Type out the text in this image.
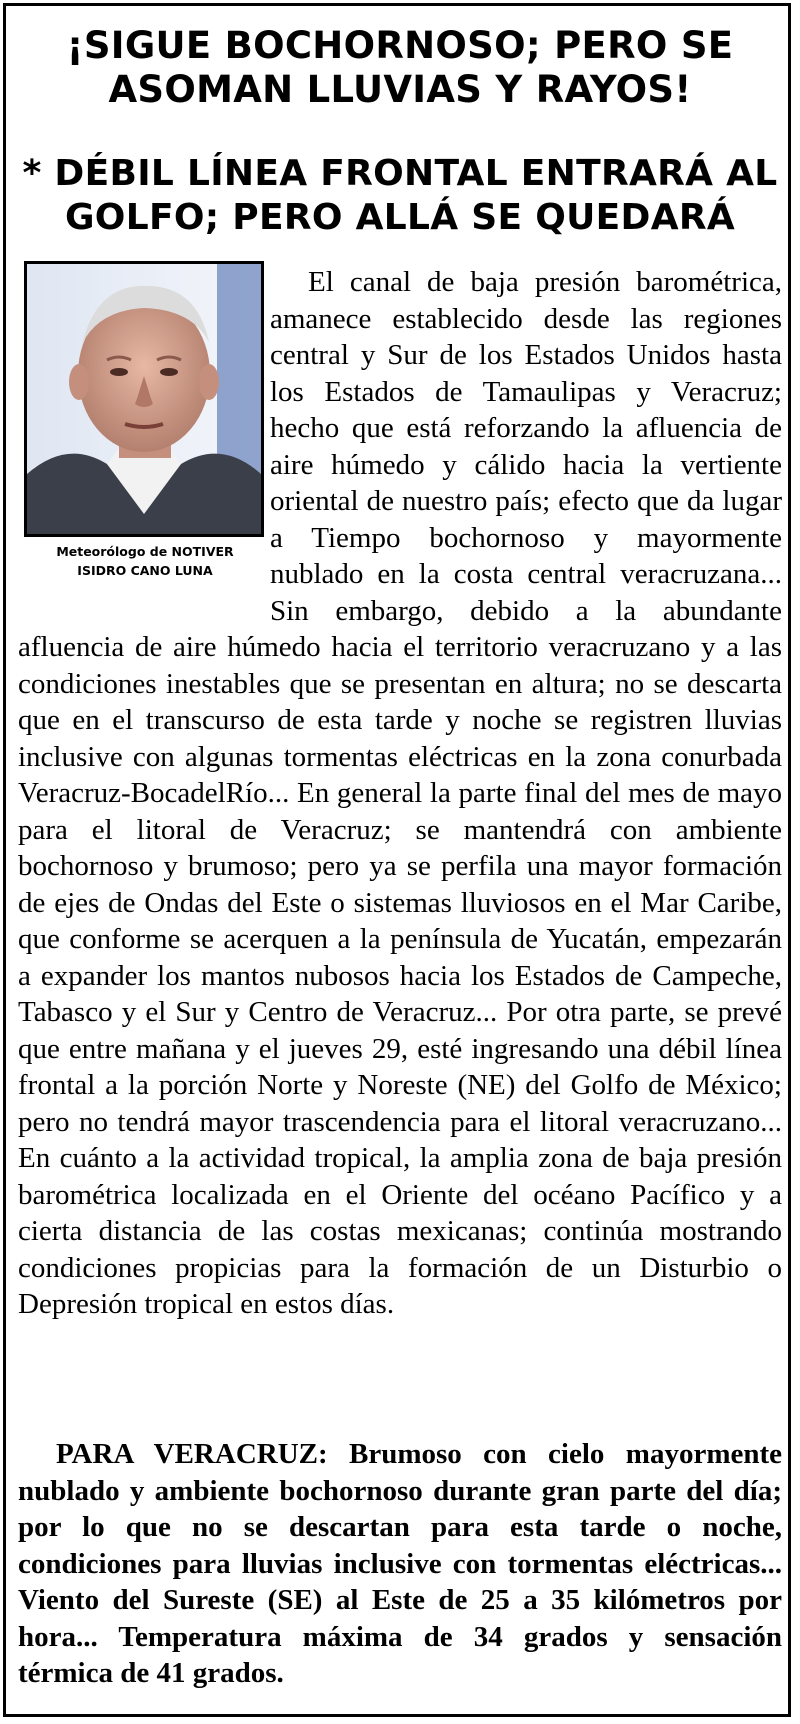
¡SIGUE BOCHORNOSO; PERO SE ASOMAN LLUVIAS Y RAYOS!
* DÉBIL LÍNEA FRONTAL ENTRARÁ AL GOLFO; PERO ALLÁ SE QUEDARÁ
Meteorólogo de NOTIVER
ISIDRO CANO LUNA
El canal de baja presión barométrica, amanece establecido desde las regiones central y Sur de los Estados Unidos hasta los Estados de Tamaulipas y Veracruz; hecho que está reforzando la afluencia de aire húmedo y cálido hacia la vertiente oriental de nuestro país; efecto que da lugar a Tiempo bochornoso y mayormente nublado en la costa central veracruzana... Sin embargo, debido a la abundante afluencia de aire húmedo hacia el territorio veracruzano y a las condiciones inestables que se presentan en altura; no se descarta que en el transcurso de esta tarde y noche se registren lluvias inclusive con algunas tormentas eléctricas en la zona conurbada Veracruz-BocadelRío... En general la parte final del mes de mayo para el litoral de Veracruz; se mantendrá con ambiente bochornoso y brumoso; pero ya se perfila una mayor formación de ejes de Ondas del Este o sistemas lluviosos en el Mar Caribe, que conforme se acerquen a la península de Yucatán, empezarán a expander los mantos nubosos hacia los Estados de Campeche, Tabasco y el Sur y Centro de Veracruz... Por otra parte, se prevé que entre mañana y el jueves 29, esté ingresando una débil línea frontal a la porción Norte y Noreste (NE) del Golfo de México; pero no tendrá mayor trascendencia para el litoral veracruzano... En cuánto a la actividad tropical, la amplia zona de baja presión barométrica localizada en el Oriente del océano Pacífico y a cierta distancia de las costas mexicanas; continúa mostrando condiciones propicias para la formación de un Disturbio o Depresión tropical en estos días.

PARA VERACRUZ: Brumoso con cielo mayormente nublado y ambiente bochornoso durante gran parte del día; por lo que no se descartan para esta tarde o noche, condiciones para lluvias inclusive con tormentas eléctricas... Viento del Sureste (SE) al Este de 25 a 35 kilómetros por hora... Temperatura máxima de 34 grados y sensación térmica de 41 grados.
